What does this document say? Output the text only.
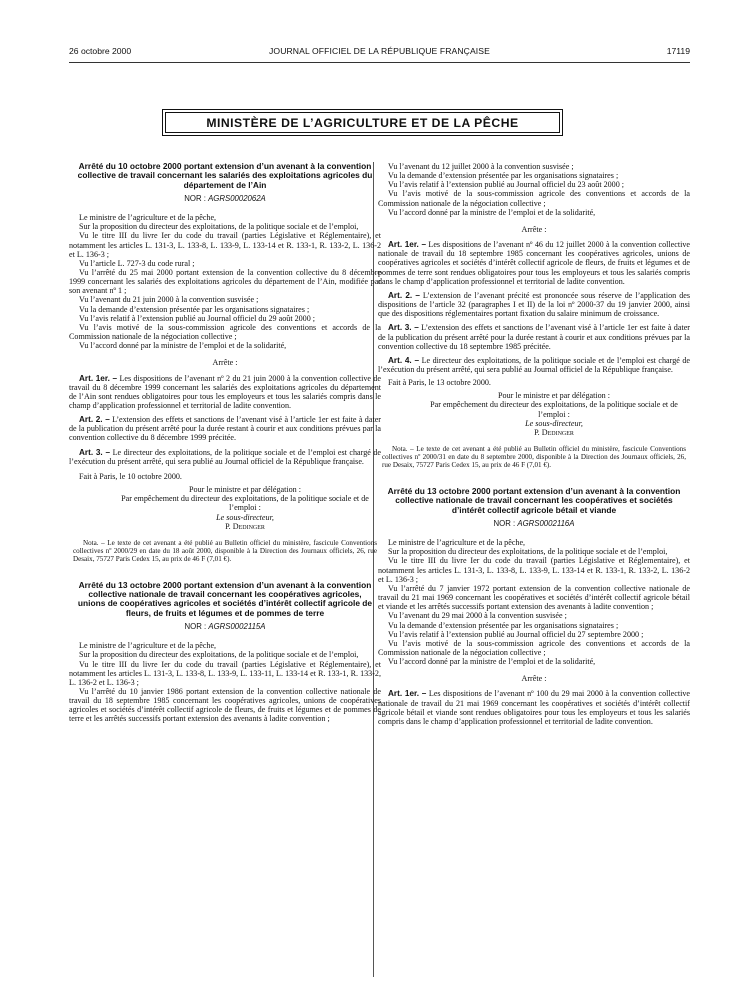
26 octobre 2000	JOURNAL OFFICIEL DE LA RÉPUBLIQUE FRANÇAISE	17119
MINISTÈRE DE L’AGRICULTURE ET DE LA PÊCHE
Arrêté du 10 octobre 2000 portant extension d’un avenant à la convention collective de travail concernant les salariés des exploitations agricoles du département de l’Ain
NOR : AGRS0002062A

Le ministre de l’agriculture et de la pêche,

Sur la proposition du directeur des exploitations, de la politique sociale et de l’emploi,

Vu le titre III du livre Ier du code du travail (parties Législative et Réglementaire), et notamment les articles L. 131-3, L. 133-8, L. 133-9, L. 133-14 et R. 133-1, R. 133-2, L. 136-2 et L. 136-3 ;

Vu l’article L. 727-3 du code rural ;

Vu l’arrêté du 25 mai 2000 portant extension de la convention collective du 8 décembre 1999 concernant les salariés des exploitations agricoles du département de l’Ain, modifiée par son avenant nº 1 ;

Vu l’avenant du 21 juin 2000 à la convention susvisée ;

Vu la demande d’extension présentée par les organisations signataires ;

Vu l’avis relatif à l’extension publié au Journal officiel du 29 août 2000 ;

Vu l’avis motivé de la sous-commission agricole des conventions et accords de la Commission nationale de la négociation collective ;

Vu l’accord donné par la ministre de l’emploi et de la solidarité,

Arrête :

Art. 1er. – Les dispositions de l’avenant nº 2 du 21 juin 2000 à la convention collective de travail du 8 décembre 1999 concernant les salariés des exploitations agricoles du département de l’Ain sont rendues obligatoires pour tous les employeurs et tous les salariés compris dans le champ d’application professionnel et territorial de ladite convention.

Art. 2. – L’extension des effets et sanctions de l’avenant visé à l’article 1er est faite à dater de la publication du présent arrêté pour la durée restant à courir et aux conditions prévues par la convention collective du 8 décembre 1999 précitée.

Art. 3. – Le directeur des exploitations, de la politique sociale et de l’emploi est chargé de l’exécution du présent arrêté, qui sera publié au Journal officiel de la République française.

Fait à Paris, le 10 octobre 2000.

Pour le ministre et par délégation :
Par empêchement du directeur des exploitations, de la politique sociale et de l’emploi :
Le sous-directeur,
P. Dedinger
Nota. – Le texte de cet avenant a été publié au Bulletin officiel du ministère, fascicule Conventions collectives nº 2000/29 en date du 18 août 2000, disponible à la Direction des Journaux officiels, 26, rue Desaix, 75727 Paris Cedex 15, au prix de 46 F (7,01 €).
Arrêté du 13 octobre 2000 portant extension d’un avenant à la convention collective nationale de travail concernant les coopératives agricoles, unions de coopératives agricoles et sociétés d’intérêt collectif agricole de fleurs, de fruits et légumes et de pommes de terre
NOR : AGRS0002115A

Le ministre de l’agriculture et de la pêche,

Sur la proposition du directeur des exploitations, de la politique sociale et de l’emploi,

Vu le titre III du livre Ier du code du travail (parties Législative et Réglementaire), et notamment les articles L. 131-3, L. 133-8, L. 133-9, L. 133-11, L. 133-14 et R. 133-1, R. 133-2, L. 136-2 et L. 136-3 ;

Vu l’arrêté du 10 janvier 1986 portant extension de la convention collective nationale de travail du 18 septembre 1985 concernant les coopératives agricoles, unions de coopératives agricoles et sociétés d’intérêt collectif agricole de fleurs, de fruits et légumes et de pommes de terre et les arrêtés successifs portant extension des avenants à ladite convention ;

Vu l’avenant du 12 juillet 2000 à la convention susvisée ;

Vu la demande d’extension présentée par les organisations signataires ;

Vu l’avis relatif à l’extension publié au Journal officiel du 23 août 2000 ;

Vu l’avis motivé de la sous-commission agricole des conventions et accords de la Commission nationale de la négociation collective ;

Vu l’accord donné par la ministre de l’emploi et de la solidarité,

Arrête :

Art. 1er. – Les dispositions de l’avenant nº 46 du 12 juillet 2000 à la convention collective nationale de travail du 18 septembre 1985 concernant les coopératives agricoles, unions de coopératives agricoles et sociétés d’intérêt collectif agricole de fleurs, de fruits et légumes et de pommes de terre sont rendues obligatoires pour tous les employeurs et tous les salariés compris dans le champ d’application professionnel et territorial de ladite convention.

Art. 2. – L’extension de l’avenant précité est prononcée sous réserve de l’application des dispositions de l’article 32 (paragraphes I et II) de la loi nº 2000-37 du 19 janvier 2000, ainsi que des dispositions réglementaires portant fixation du salaire minimum de croissance.

Art. 3. – L’extension des effets et sanctions de l’avenant visé à l’article 1er est faite à dater de la publication du présent arrêté pour la durée restant à courir et aux conditions prévues par la convention collective du 18 septembre 1985 précitée.

Art. 4. – Le directeur des exploitations, de la politique sociale et de l’emploi est chargé de l’exécution du présent arrêté, qui sera publié au Journal officiel de la République française.

Fait à Paris, le 13 octobre 2000.

Pour le ministre et par délégation :
Par empêchement du directeur des exploitations, de la politique sociale et de l’emploi :
Le sous-directeur,
P. Dedinger
Nota. – Le texte de cet avenant a été publié au Bulletin officiel du ministère, fascicule Conventions collectives nº 2000/31 en date du 8 septembre 2000, disponible à la Direction des Journaux officiels, 26, rue Desaix, 75727 Paris Cedex 15, au prix de 46 F (7,01 €).
Arrêté du 13 octobre 2000 portant extension d’un avenant à la convention collective nationale de travail concernant les coopératives et sociétés d’intérêt collectif agricole bétail et viande
NOR : AGRS0002116A

Le ministre de l’agriculture et de la pêche,

Sur la proposition du directeur des exploitations, de la politique sociale et de l’emploi,

Vu le titre III du livre Ier du code du travail (parties Législative et Réglementaire), et notamment les articles L. 131-3, L. 133-8, L. 133-9, L. 133-14 et R. 133-1, R. 133-2, L. 136-2 et L. 136-3 ;

Vu l’arrêté du 7 janvier 1972 portant extension de la convention collective nationale de travail du 21 mai 1969 concernant les coopératives et sociétés d’intérêt collectif agricole bétail et viande et les arrêtés successifs portant extension des avenants à ladite convention ;

Vu l’avenant du 29 mai 2000 à la convention susvisée ;

Vu la demande d’extension présentée par les organisations signataires ;

Vu l’avis relatif à l’extension publié au Journal officiel du 27 septembre 2000 ;

Vu l’avis motivé de la sous-commission agricole des conventions et accords de la Commission nationale de la négociation collective ;

Vu l’accord donné par la ministre de l’emploi et de la solidarité,

Arrête :

Art. 1er. – Les dispositions de l’avenant nº 100 du 29 mai 2000 à la convention collective nationale de travail du 21 mai 1969 concernant les coopératives et sociétés d’intérêt collectif agricole bétail et viande sont rendues obligatoires pour tous les employeurs et tous les salariés compris dans le champ d’application professionnel et territorial de ladite convention.
